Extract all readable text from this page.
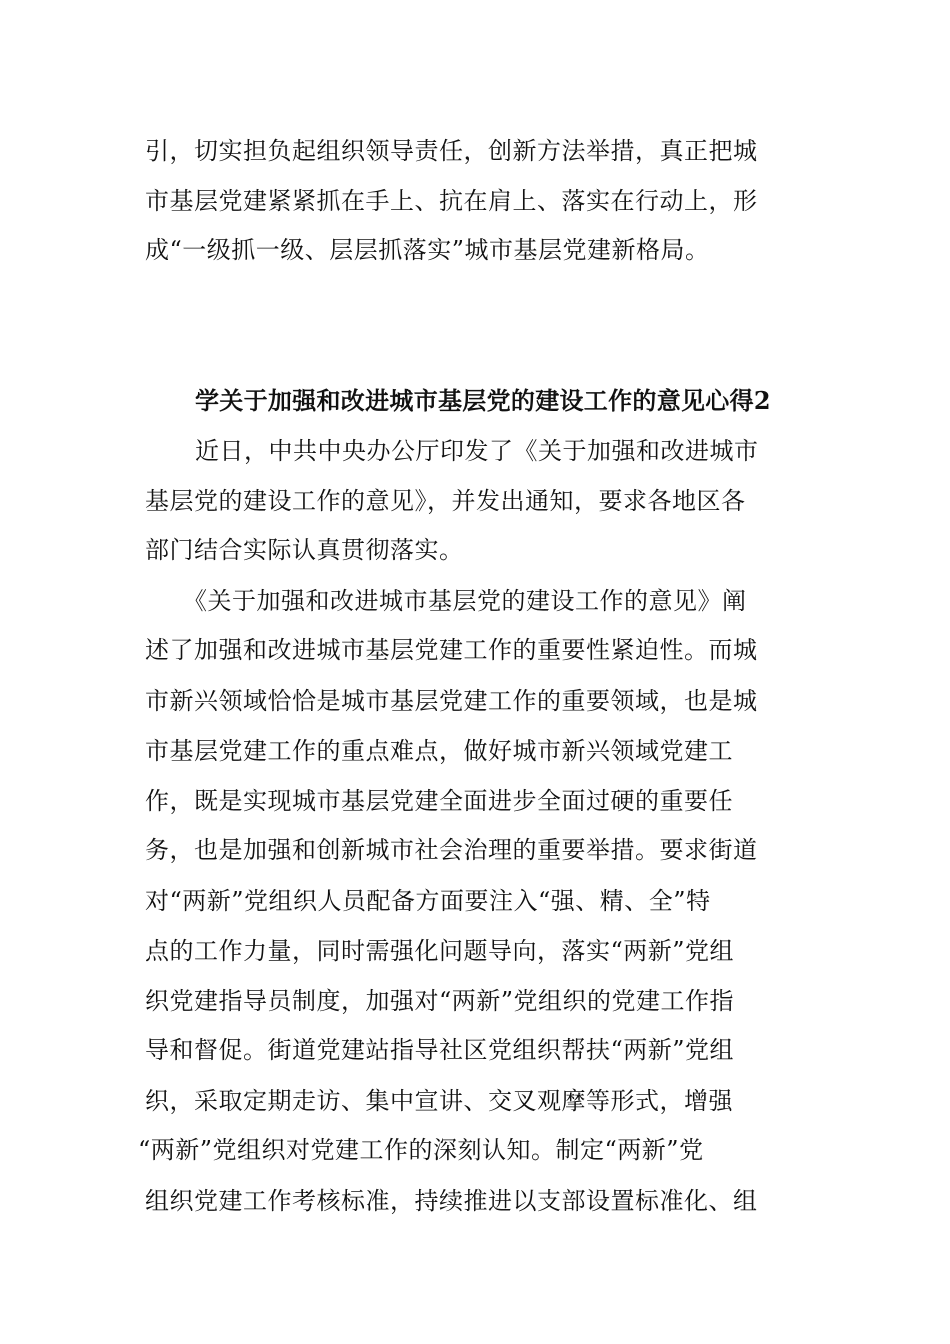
引，切实担负起组织领导责任，创新方法举措，真正把城
市基层党建紧紧抓在手上、抗在肩上、落实在行动上，形
成“一级抓一级、层层抓落实”城市基层党建新格局。
学关于加强和改进城市基层党的建设工作的意见心得2
近日，中共中央办公厅印发了《关于加强和改进城市
基层党的建设工作的意见》，并发出通知，要求各地区各
部门结合实际认真贯彻落实。
《关于加强和改进城市基层党的建设工作的意见》阐
述了加强和改进城市基层党建工作的重要性紧迫性。而城
市新兴领域恰恰是城市基层党建工作的重要领域，也是城
市基层党建工作的重点难点，做好城市新兴领域党建工
作，既是实现城市基层党建全面进步全面过硬的重要任
务，也是加强和创新城市社会治理的重要举措。要求街道
对“两新”党组织人员配备方面要注入“强、精、全”特
点的工作力量，同时需强化问题导向，落实“两新”党组
织党建指导员制度，加强对“两新”党组织的党建工作指
导和督促。街道党建站指导社区党组织帮扶“两新”党组
织，采取定期走访、集中宣讲、交叉观摩等形式，增强
“两新”党组织对党建工作的深刻认知。制定“两新”党
组织党建工作考核标准，持续推进以支部设置标准化、组
